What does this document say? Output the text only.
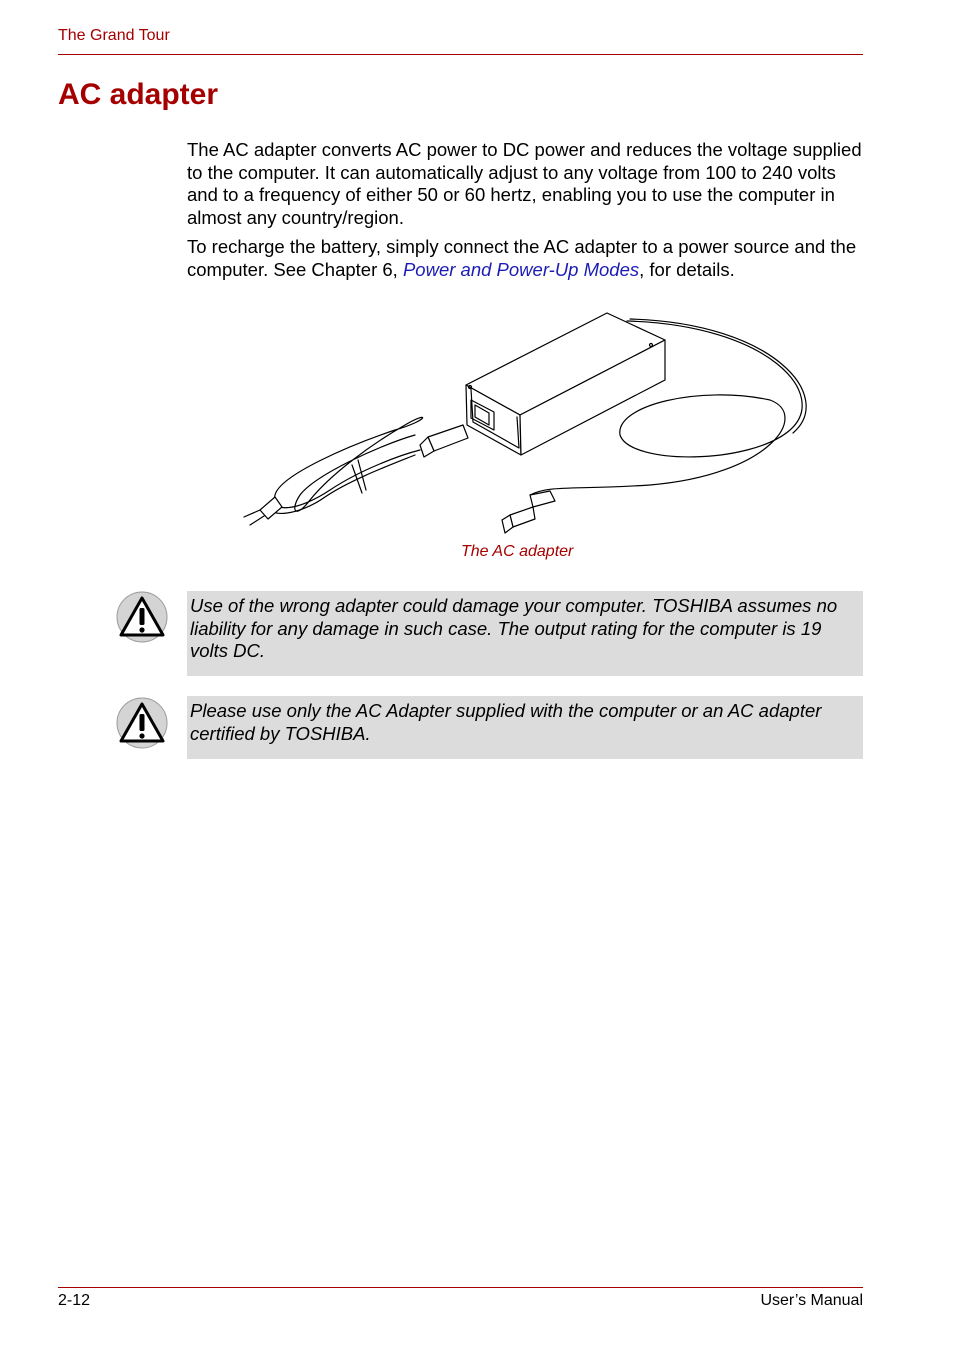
The Grand Tour
AC adapter

The AC adapter converts AC power to DC power and reduces the voltage supplied to the computer. It can automatically adjust to any voltage from 100 to 240 volts and to a frequency of either 50 or 60 hertz, enabling you to use the computer in almost any country/region.

To recharge the battery, simply connect the AC adapter to a power source and the computer. See Chapter 6, Power and Power-Up Modes, for details.

The AC adapter
Use of the wrong adapter could damage your computer. TOSHIBA assumes no liability for any damage in such case. The output rating for the computer is 19 volts DC.
Please use only the AC Adapter supplied with the computer or an AC adapter certified by TOSHIBA.
2-12	User’s Manual
